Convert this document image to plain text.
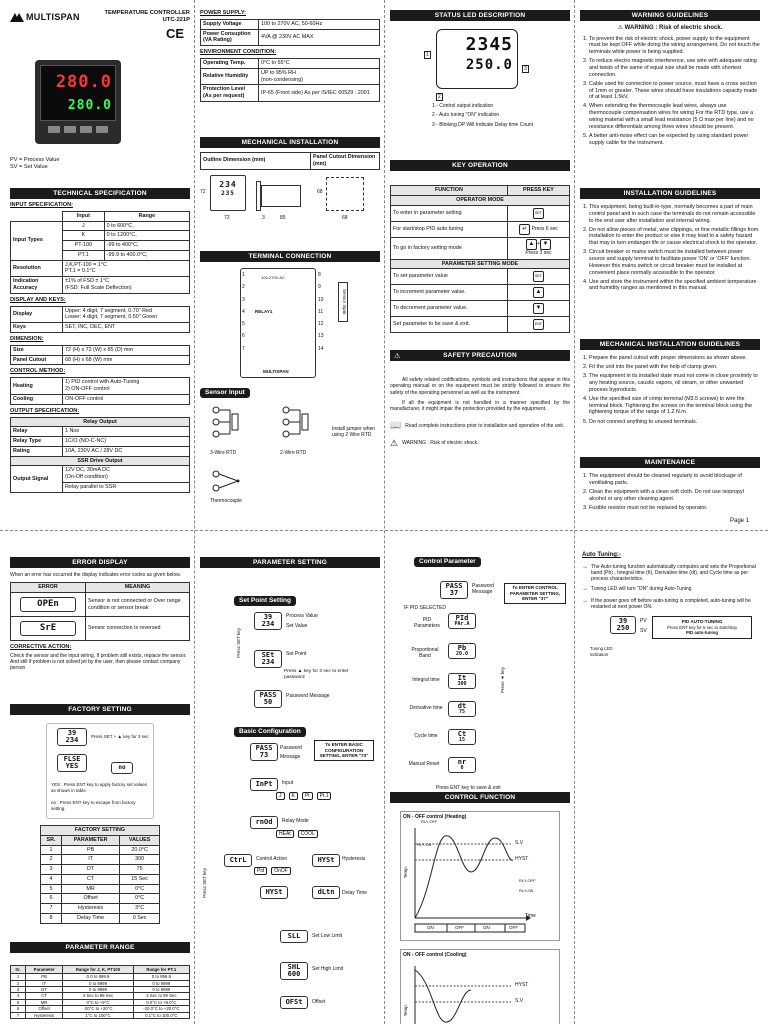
MULTISPAN	TEMPERATURE CONTROLLER
UTC-221P
CE
280.0
280.0
PV = Process Value
SV = Set Value
TECHNICAL SPECIFICATION
INPUT SPECIFICATION:
	Input	Range
Input Types	J	0 to 600°C,
	K	0 to 1200°C,
	PT-100	-99 to 400°C,
	PT.1	-99.9 to 400.0°C,
Resolution	J,K,PT-100 = 1°C
PT.1 = 0.1°C	
Indication Accuracy	±1% of FSD ± 1°C
(FSD: Full Scale Deflection)	
DISPLAY AND KEYS:
Display	Upper: 4 digit, 7 segment, 0.70" Red
Lower: 4 digit, 7 segment, 0.50" Green
Keys	SET, INC, DEC, ENT
DIMENSION:
Size	72 (H) x 72 (W) x 85 (D) mm
Panel Cutout	68 (H) x 68 (W) mm
CONTROL METHOD:
Heating	1) PID control with Auto-Tuning
2) ON-OFF control
Cooling	ON-OFF control
OUTPUT SPECIFICATION:
Relay Output	
Relay	1 Nos
Relay Type	1C/O (NO-C-NC)
Rating	10A, 230V AC / 28V DC
SSR Drive Output	
Output Signal	12V DC, 30mA DC
(On-Off condition)
	Relay parallel to SSR
POWER SUPPLY:
Supply Voltage	100 to 270V AC, 50-60Hz
Power Consuption (VA Rating)	4VA @ 230V AC MAX
ENVIRONMENT CONDITION:
Operating Temp.	0°C to 55°C
Relative Humidity	UP to 95% RH
(non-condensing)
Protection Level
(As per request)	IP-65 (Front side) As per IS/IEC 60529 : 2001
MECHANICAL INSTALLATION
Outline Dimension (mm)	Panel Cutout Dimension (mm)
234
235
72
72	3	85
68
68
TERMINAL CONNECTION
100-270V AC
RELAY1
MULTISPAN
1
2
3
4
5
6
7
8
9
10
11
12
13
14
Sensor Input
Sensor Input
3-Wire RTD	2-Wire RTD
Install jumper when using 2 Wire RTD
Thermocouple
STATUS LED DESCRIPTION
2345
250.0
1
2
3
1 - Control output indication
2 - Auto tuning "ON" indication
3 - Blinking DP Will Indicate Delay time Count
KEY OPERATION
FUNCTION	PRESS KEY
OPERATOR MODE	
To enter in parameter setting	SET
For start/stop PID auto tuning	↵ Press 6 sec
To go in factory setting mode	▲ + ▼
Press 3 sec

PARAMETER SETTING MODE	
To set parameter value	SET
To increment parameter value.	▲
To decrement parameter value.	▼
Set parameter to be save & exit.	ENT
⚠	SAFETY PRECAUTION
All safety related codifications, symbols and instructions that appear in this operating manual or on the equipment must be strictly followed to ensure the safety of the operating personnel as well as the instrument.
If all the equipment is not handled in a manner specified by the manufacturer, it might impair the protection provided by the equipment.
📖 Read complete instructions prior to installation and operation of the unit.
⚠ WARNING : Risk of electric shock.
WARNING GUIDELINES
⚠ WARNING : Risk of electric shock.
1. To prevent the risk of electric shock, power supply to the equipment must be kept OFF while doing the wiring arrangement. Do not touch the terminals while power is being supplied.
2. To reduce electro magnetic interference, use wire with adequate rating and twists of the same of equal size shall be made with shortest connection.
3. Cable used for connection to power source, must have a cross section of 1mm or greater. These wires should have insulations capacity made of at least 1.5kV.
4. When extending the thermocouple lead wires, always use thermocouple compensation wires for wiring For the RTD type, use a wiring material with a small lead resistance (5 Ω max per line) and no resistance differentials among three wires should be present.
5. A better anti-noise effect can be expected by using standard power supply cable for the instrument.
INSTALLATION GUIDELINES
1. This equipment, being built-in-type, normally becomes a part of main control panel and in such case the terminals do not remain accessible to the end user after installation and internal wiring.
2. Do not allow pieces of metal, wire clippings, or fine metallic fillings from installation to enter the product or else it may lead to a safety hazard that may in turn endanger life or cause electrical shock to the operator.
3. Circuit breaker or mains switch must be installed between power source and supply terminal to facilitate power 'ON' or 'OFF' function. However this mains switch or circuit breaker must be installed at convenient place normally accessible to the operator.
4. Use and store the instrument within the specified ambient temperature and humidity ranges as mentioned in this manual.
MECHANICAL INSTALLATION GUIDELINES
1. Prepare the panel cutout with proper dimensions as shown above.
2. Fit the unit into the panel with the help of clamp given.
3. The equipment in its installed state must not come in close proximity to any heating source, caustic vapors, oil steam, or other unwanted process byproducts.
4. Use the specified size of crimp terminal (M3.5 screws) to wire the terminal block. Tightening the screws on the terminal block using the tightening torque of the range of 1.2 N.m.
5. Do not connect anything to unused terminals.
MAINTENANCE
1. The equipment should be cleaned regularly to avoid blockage of ventilating parts.
2. Clean the equipment with a clean soft cloth. Do not use isopropyl alcohol or any other cleaning agent.
3. Fusible resistor must not be replaced by operator.
Page 1
ERROR DISPLAY
When an error has occurred the display indicates error codes as given below.
ERROR	MEANING
OPEn	Sensor is not connected or Over range condition or sensor break
SrE	Sensor connection is reversed
CORRECTIVE ACTION:
Check the sensor and the input wiring, If problem still exists, replace the sensor. And still if problem is not solved jet by the user, then please contact company person
FACTORY SETTING
39
234	Press SET + ▲ key for 3 sec
FLSE
YES	no
YES : Press ENT key to apply factory set values as shown in table.
no : Press ENT key to escape from factory setting.
FACTORY SETTING		
SR.	PARAMETER	VALUES
1	PB	20.0°C
2	IT	300
3	DT	75
4	CT	15 Sec
5	MR	0°C
6	Offset	0°C
7	Hysteresis	3°C
8	Delay Time	0 Sec
PARAMETER RANGE
Sr.	Parameter	Range for J, K, PT100	Range for PT.1
1	PB	0.0 to 999.9	0 to 999.9
2	IT	0 to 9999	0 to 9999
3	DT	0 to 9999	0 to 9999
4	CT	4 Sec to 99 Sec	4 Sec to 99 Sec
5	MR	0°C to +9°C	0.0°C to +9.0°C
6	Offset	-20°C to +20°C	-20.0°C to +20.0°C
7	Hysteresis	1°C to 100°C	0.1°C to 100.0°C
PARAMETER SETTING
Set Point Setting
39
234
Process Value
Set Value
Press SET key	SEt
234
Set Point
Press ▲ key for 3 sec to enter password
PASS
50
Password Message
Basic Configuration
PASS
73
Password
Message
To ENTER BASIC CONFIGURATION SETTING, ENTER "73"
InPt	Input
J	K	Pt	Pt.1
rnOd	Relay Mode
HEAt	COOL
CtrL	Control Action
Pid	OnOF
HYSt	Hysteresis
HYSt	dLtn	Delay Time
Press SET key
SLL	Set Low Limit
SHL
600
Set High Limit
OFSt	Offset
Control Parameter
PASS
37
Password Message
To ENTER CONTROL PARAMETER SETTING, ENTER "37"
IF PID SELECTED
PId
PAr.A
PID Parameters
Pb
20.0
Proportional Band
It
300
Integral time
dt
75
Derivative time
Ct
15
Cycle time
nr
0
Manual Reset
Press ▲ key
Press ENT key to save & exit
CONTROL FUNCTION
ON - OFF control (Heating)
S.V
HYST
Time
Temp.
RLY-OFF
RLY-ON
RLY-OFF
RLY-ON
ON	OFF	ON	OFF
ON - OFF control (Cooling)
HYST
S.V
Temp.
Auto Tuning:-
→ The Auto-tuning function automatically computes and sets the Proportional band (Pb) , Integral time (It), Derivative time (dt), and Cycle time as per process characteristics.
→ Tuning LED will turn "ON" during Auto-Tuning
→ If the power goes off before auto-tuning is completed, auto-tuning will be restarted at next power ON.
39
250
PV
SV
PID AUTO-TUNING
Press ENT key for 6 sec to start/stop
PID auto-tuning
Tuning LED indication
